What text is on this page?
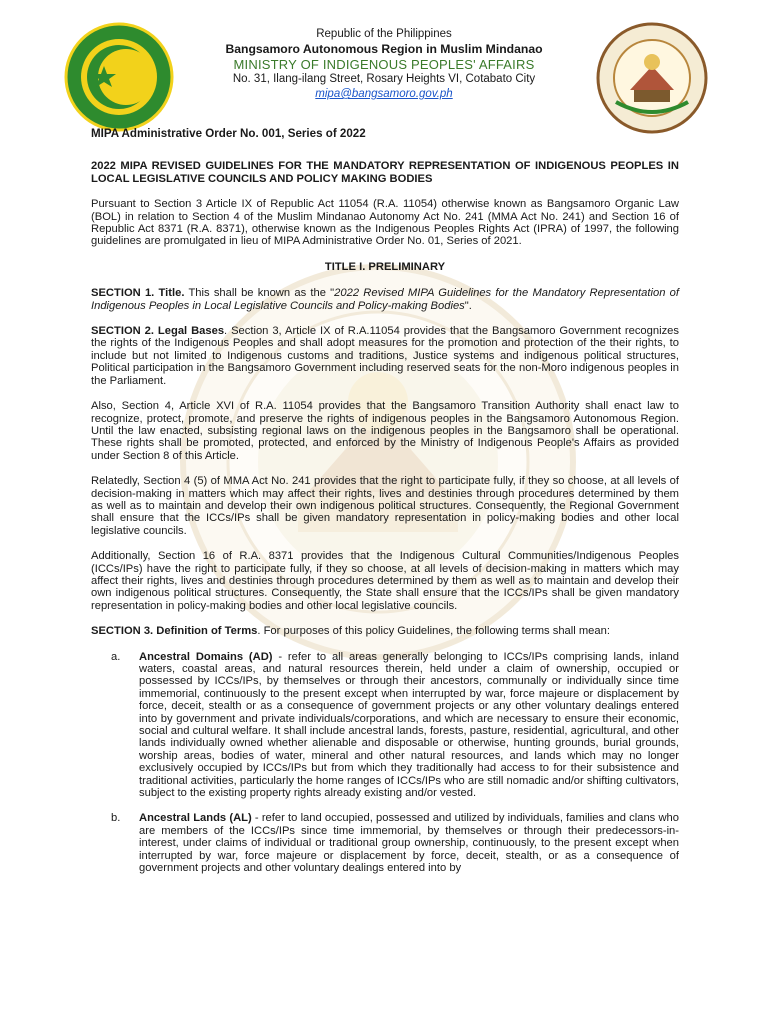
Republic of the Philippines
Bangsamoro Autonomous Region in Muslim Mindanao
MINISTRY OF INDIGENOUS PEOPLES' AFFAIRS
No. 31, Ilang-ilang Street, Rosary Heights VI, Cotabato City
mipa@bangsamoro.gov.ph

MIPA Administrative Order No. 001, Series of 2022

2022 MIPA REVISED GUIDELINES FOR THE MANDATORY REPRESENTATION OF INDIGENOUS PEOPLES IN LOCAL LEGISLATIVE COUNCILS AND POLICY MAKING BODIES

Pursuant to Section 3 Article IX of Republic Act 11054 (R.A. 11054) otherwise known as Bangsamoro Organic Law (BOL) in relation to Section 4 of the Muslim Mindanao Autonomy Act No. 241 (MMA Act No. 241) and Section 16 of Republic Act 8371 (R.A. 8371), otherwise known as the Indigenous Peoples Rights Act (IPRA) of 1997, the following guidelines are promulgated in lieu of MIPA Administrative Order No. 01, Series of 2021.

TITLE I. PRELIMINARY

SECTION 1. Title. This shall be known as the "2022 Revised MIPA Guidelines for the Mandatory Representation of Indigenous Peoples in Local Legislative Councils and Policy-making Bodies".

SECTION 2. Legal Bases. Section 3, Article IX of R.A.11054 provides that the Bangsamoro Government recognizes the rights of the Indigenous Peoples and shall adopt measures for the promotion and protection of the their rights, to include but not limited to Indigenous customs and traditions, Justice systems and indigenous political structures, Political participation in the Bangsamoro Government including reserved seats for the non-Moro indigenous peoples in the Parliament.

Also, Section 4, Article XVI of R.A. 11054 provides that the Bangsamoro Transition Authority shall enact law to recognize, protect, promote, and preserve the rights of indigenous peoples in the Bangsamoro Autonomous Region. Until the law enacted, subsisting regional laws on the indigenous peoples in the Bangsamoro shall be operational. These rights shall be promoted, protected, and enforced by the Ministry of Indigenous People's Affairs as provided under Section 8 of this Article.

Relatedly, Section 4 (5) of MMA Act No. 241 provides that the right to participate fully, if they so choose, at all levels of decision-making in matters which may affect their rights, lives and destinies through procedures determined by them as well as to maintain and develop their own indigenous political structures. Consequently, the Regional Government shall ensure that the ICCs/IPs shall be given mandatory representation in policy-making bodies and other local legislative councils.

Additionally, Section 16 of R.A. 8371 provides that the Indigenous Cultural Communities/Indigenous Peoples (ICCs/IPs) have the right to participate fully, if they so choose, at all levels of decision-making in matters which may affect their rights, lives and destinies through procedures determined by them as well as to maintain and develop their own indigenous political structures. Consequently, the State shall ensure that the ICCs/IPs shall be given mandatory representation in policy-making bodies and other local legislative councils.

SECTION 3. Definition of Terms. For purposes of this policy Guidelines, the following terms shall mean:

a.	Ancestral Domains (AD) - refer to all areas generally belonging to ICCs/IPs comprising lands, inland waters, coastal areas, and natural resources therein, held under a claim of ownership, occupied or possessed by ICCs/IPs, by themselves or through their ancestors, communally or individually since time immemorial, continuously to the present except when interrupted by war, force majeure or displacement by force, deceit, stealth or as a consequence of government projects or any other voluntary dealings entered into by government and private individuals/corporations, and which are necessary to ensure their economic, social and cultural welfare. It shall include ancestral lands, forests, pasture, residential, agricultural, and other lands individually owned whether alienable and disposable or otherwise, hunting grounds, burial grounds, worship areas, bodies of water, mineral and other natural resources, and lands which may no longer exclusively occupied by ICCs/IPs but from which they traditionally had access to for their subsistence and traditional activities, particularly the home ranges of ICCs/IPs who are still nomadic and/or shifting cultivators, subject to the existing property rights already existing and/or vested.
b.	Ancestral Lands (AL) - refer to land occupied, possessed and utilized by individuals, families and clans who are members of the ICCs/IPs since time immemorial, by themselves or through their predecessors-in-interest, under claims of individual or traditional group ownership, continuously, to the present except when interrupted by war, force majeure or displacement by force, deceit, stealth, or as a consequence of government projects and other voluntary dealings entered into by
